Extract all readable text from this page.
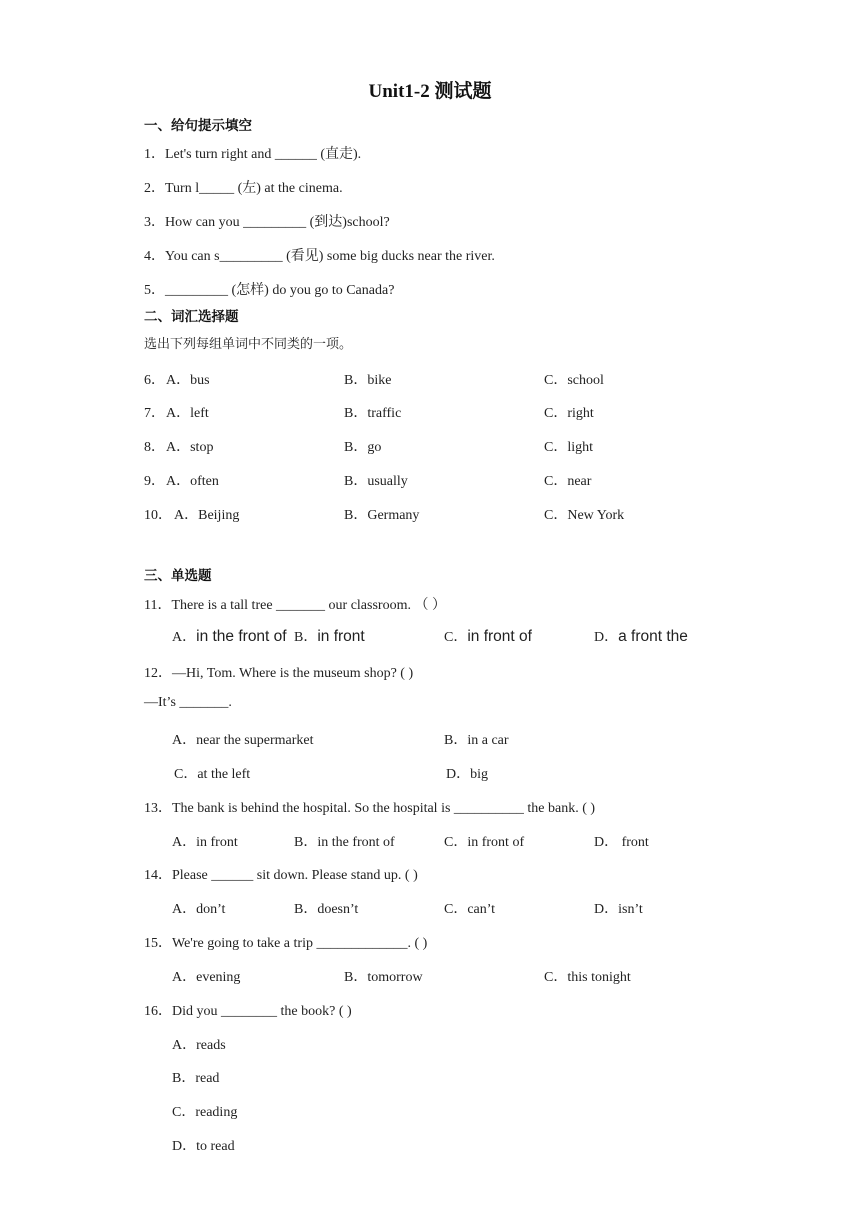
Unit1-2 测试题
一、给句提示填空
1．Let's turn right and ______ (直走).
2．Turn l_____ (左) at the cinema.
3．How can you _________ (到达)school?
4．You can s_________ (看见) some big ducks near the river.
5．_________ (怎样) do you go to Canada?
二、词汇选择题
选出下列每组单词中不同类的一项。
6． A．bus	B．bike	C．school
7． A．left	B．traffic	C．right
8． A．stop	B．go	C．light
9． A．often	B．usually	C．near
10． A．Beijing	B．Germany	C．New York
三、单选题
11．There is a tall tree _______ our classroom. （ ）
A．in the front of B．in front	C．in front of	D．a front the
12．—Hi, Tom. Where is the museum shop? ( )
—It’s _______.
A．near the supermarket	B．in a car
C．at the left	D．big
13．The bank is behind the hospital. So the hospital is __________ the bank. ( )
A．in front	B．in the front of	C．in front of	D． front
14．Please ______ sit down. Please stand up. ( )
A．don’t	B．doesn’t	C．can’t	D．isn’t
15．We're going to take a trip _____________. ( )
A．evening	B．tomorrow	C．this tonight
16．Did you ________ the book? ( )
A．reads
B．read
C．reading
D．to read
